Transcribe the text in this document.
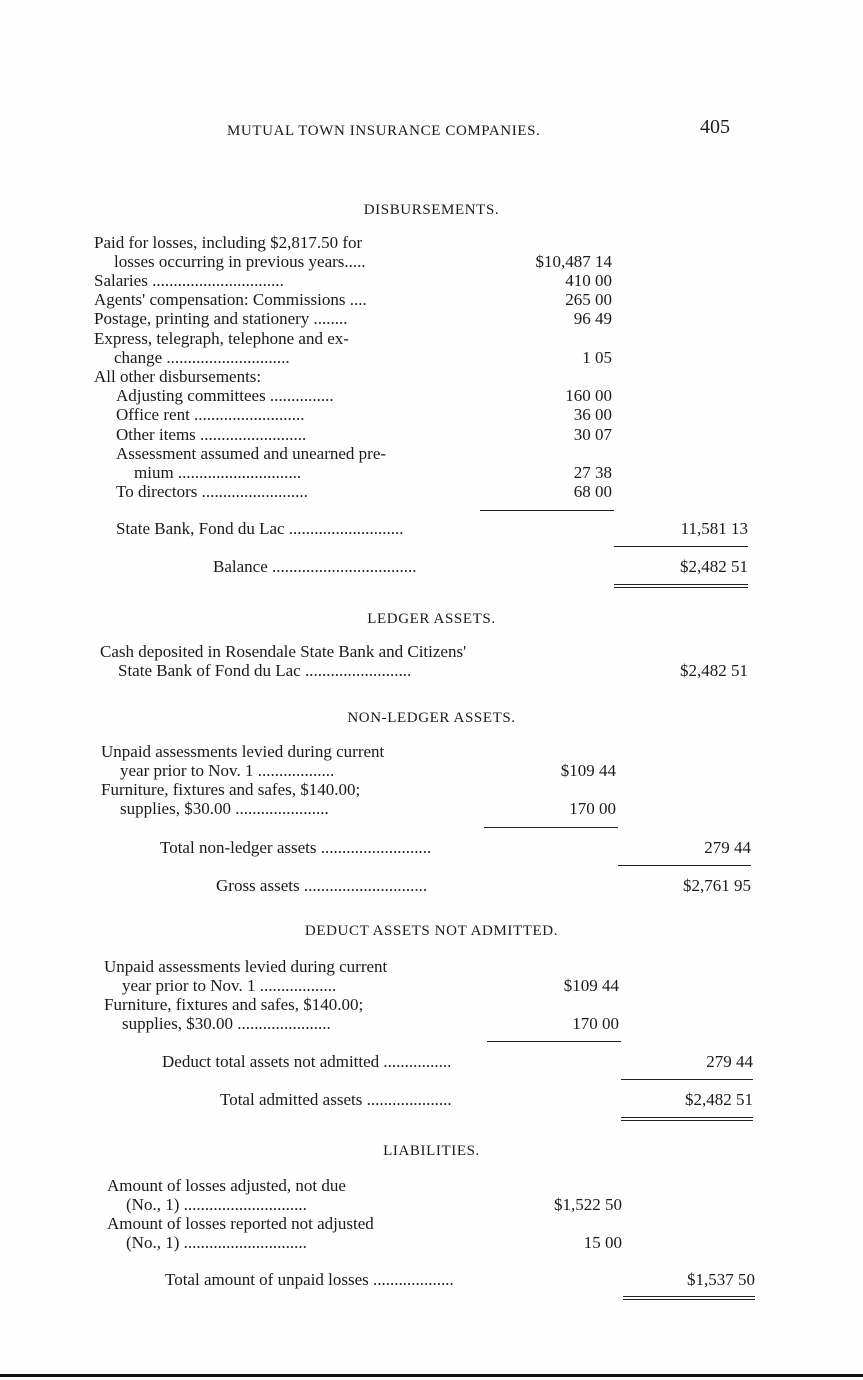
MUTUAL TOWN INSURANCE COMPANIES.	405
DISBURSEMENTS.
Paid for losses, including $2,817.50 for
losses occurring in previous years.....	$10,487 14
Salaries ...............................	410 00
Agents' compensation: Commissions ....	265 00
Postage, printing and stationery ........	96 49
Express, telegraph, telephone and ex-
change .............................	1 05
All other disbursements:
Adjusting committees ...............	160 00
Office rent ..........................	36 00
Other items .........................	30 07
Assessment assumed and unearned pre-
mium .............................	27 38
To directors .........................	68 00
State Bank, Fond du Lac ...........................	11,581 13
Balance ..................................	$2,482 51
LEDGER ASSETS.
Cash deposited in Rosendale State Bank and Citizens'
State Bank of Fond du Lac .........................	$2,482 51
NON-LEDGER ASSETS.
Unpaid assessments levied during current
year prior to Nov. 1 ..................	$109 44
Furniture, fixtures and safes, $140.00;
supplies, $30.00 ......................	170 00
Total non-ledger assets ..........................	279 44
Gross assets .............................	$2,761 95
DEDUCT ASSETS NOT ADMITTED.
Unpaid assessments levied during current
year prior to Nov. 1 ..................	$109 44
Furniture, fixtures and safes, $140.00;
supplies, $30.00 ......................	170 00
Deduct total assets not admitted ................	279 44
Total admitted assets ....................	$2,482 51
LIABILITIES.
Amount of losses adjusted, not due
(No., 1) .............................	$1,522 50
Amount of losses reported not adjusted
(No., 1) .............................	15 00
Total amount of unpaid losses ...................	$1,537 50
